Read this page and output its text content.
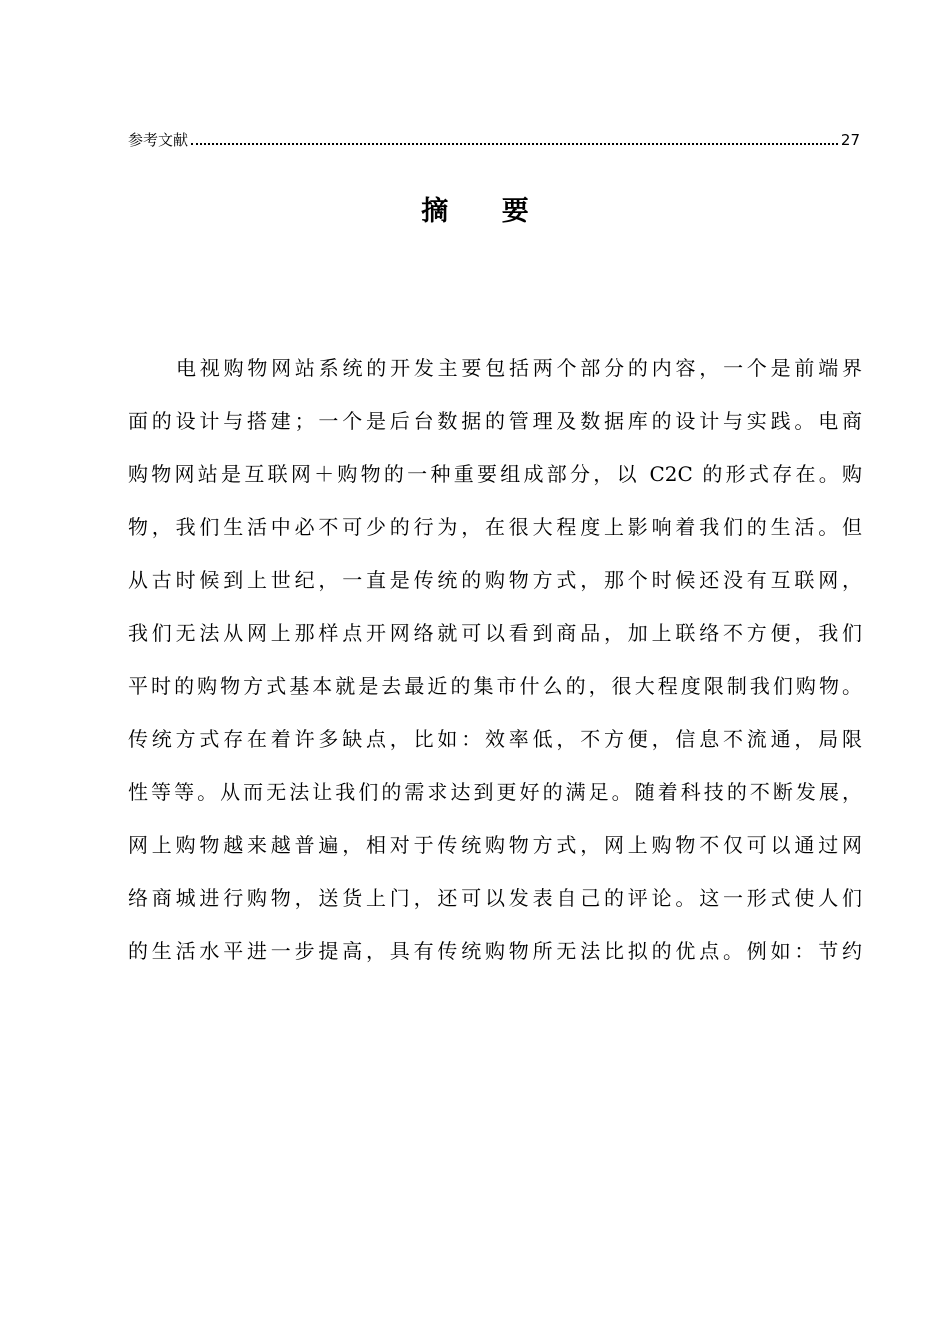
参考文献	27
摘 要
电视购物网站系统的开发主要包括两个部分的内容，一个是前端界
面的设计与搭建；一个是后台数据的管理及数据库的设计与实践。电商
购物网站是互联网＋购物的一种重要组成部分，以 C2C 的形式存在。购
物，我们生活中必不可少的行为，在很大程度上影响着我们的生活。但
从古时候到上世纪，一直是传统的购物方式，那个时候还没有互联网，
我们无法从网上那样点开网络就可以看到商品，加上联络不方便，我们
平时的购物方式基本就是去最近的集市什么的，很大程度限制我们购物。
传统方式存在着许多缺点，比如：效率低，不方便，信息不流通，局限
性等等。从而无法让我们的需求达到更好的满足。随着科技的不断发展，
网上购物越来越普遍，相对于传统购物方式，网上购物不仅可以通过网
络商城进行购物，送货上门，还可以发表自己的评论。这一形式使人们
的生活水平进一步提高，具有传统购物所无法比拟的优点。例如：节约
